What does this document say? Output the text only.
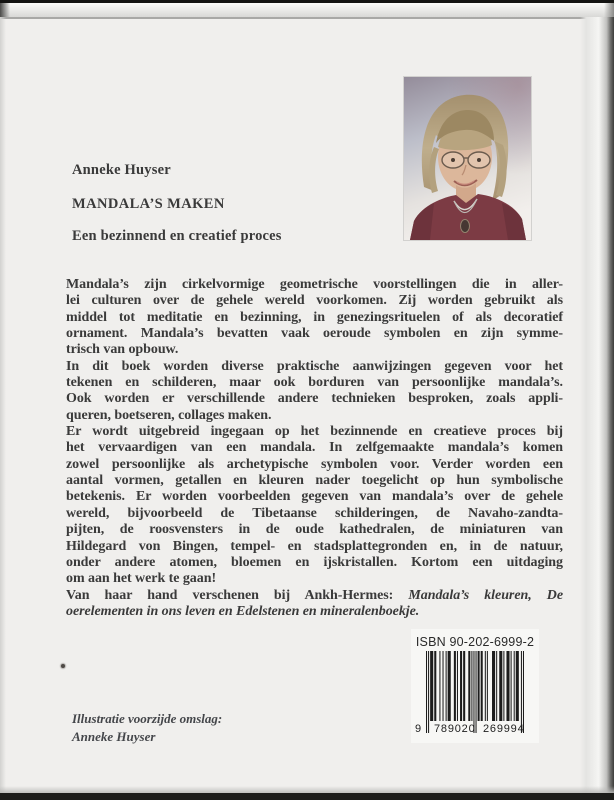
Anneke Huyser
MANDALA’S MAKEN
Een bezinnend en creatief proces
Mandala’s zijn cirkelvormige geometrische voorstellingen die in aller-
lei culturen over de gehele wereld voorkomen. Zij worden gebruikt als
middel tot meditatie en bezinning, in genezingsrituelen of als decoratief
ornament. Mandala’s bevatten vaak oeroude symbolen en zijn symme-
trisch van opbouw.
In dit boek worden diverse praktische aanwijzingen gegeven voor het
tekenen en schilderen, maar ook borduren van persoonlijke mandala’s.
Ook worden er verschillende andere technieken besproken, zoals appli-
queren, boetseren, collages maken.
Er wordt uitgebreid ingegaan op het bezinnende en creatieve proces bij
het vervaardigen van een mandala. In zelfgemaakte mandala’s komen
zowel persoonlijke als archetypische symbolen voor. Verder worden een
aantal vormen, getallen en kleuren nader toegelicht op hun symbolische
betekenis. Er worden voorbeelden gegeven van mandala’s over de gehele
wereld, bijvoorbeeld de Tibetaanse schilderingen, de Navaho-zandta-
pijten, de roosvensters in de oude kathedralen, de miniaturen van
Hildegard von Bingen, tempel- en stadsplattegronden en, in de natuur,
onder andere atomen, bloemen en ijskristallen. Kortom een uitdaging
om aan het werk te gaan!
Van haar hand verschenen bij Ankh-Hermes: Mandala’s kleuren, De
oerelementen in ons leven en Edelstenen en mineralenboekje.
ISBN 90-202-6999-2
9 789020 269994
Illustratie voorzijde omslag:
Anneke Huyser
